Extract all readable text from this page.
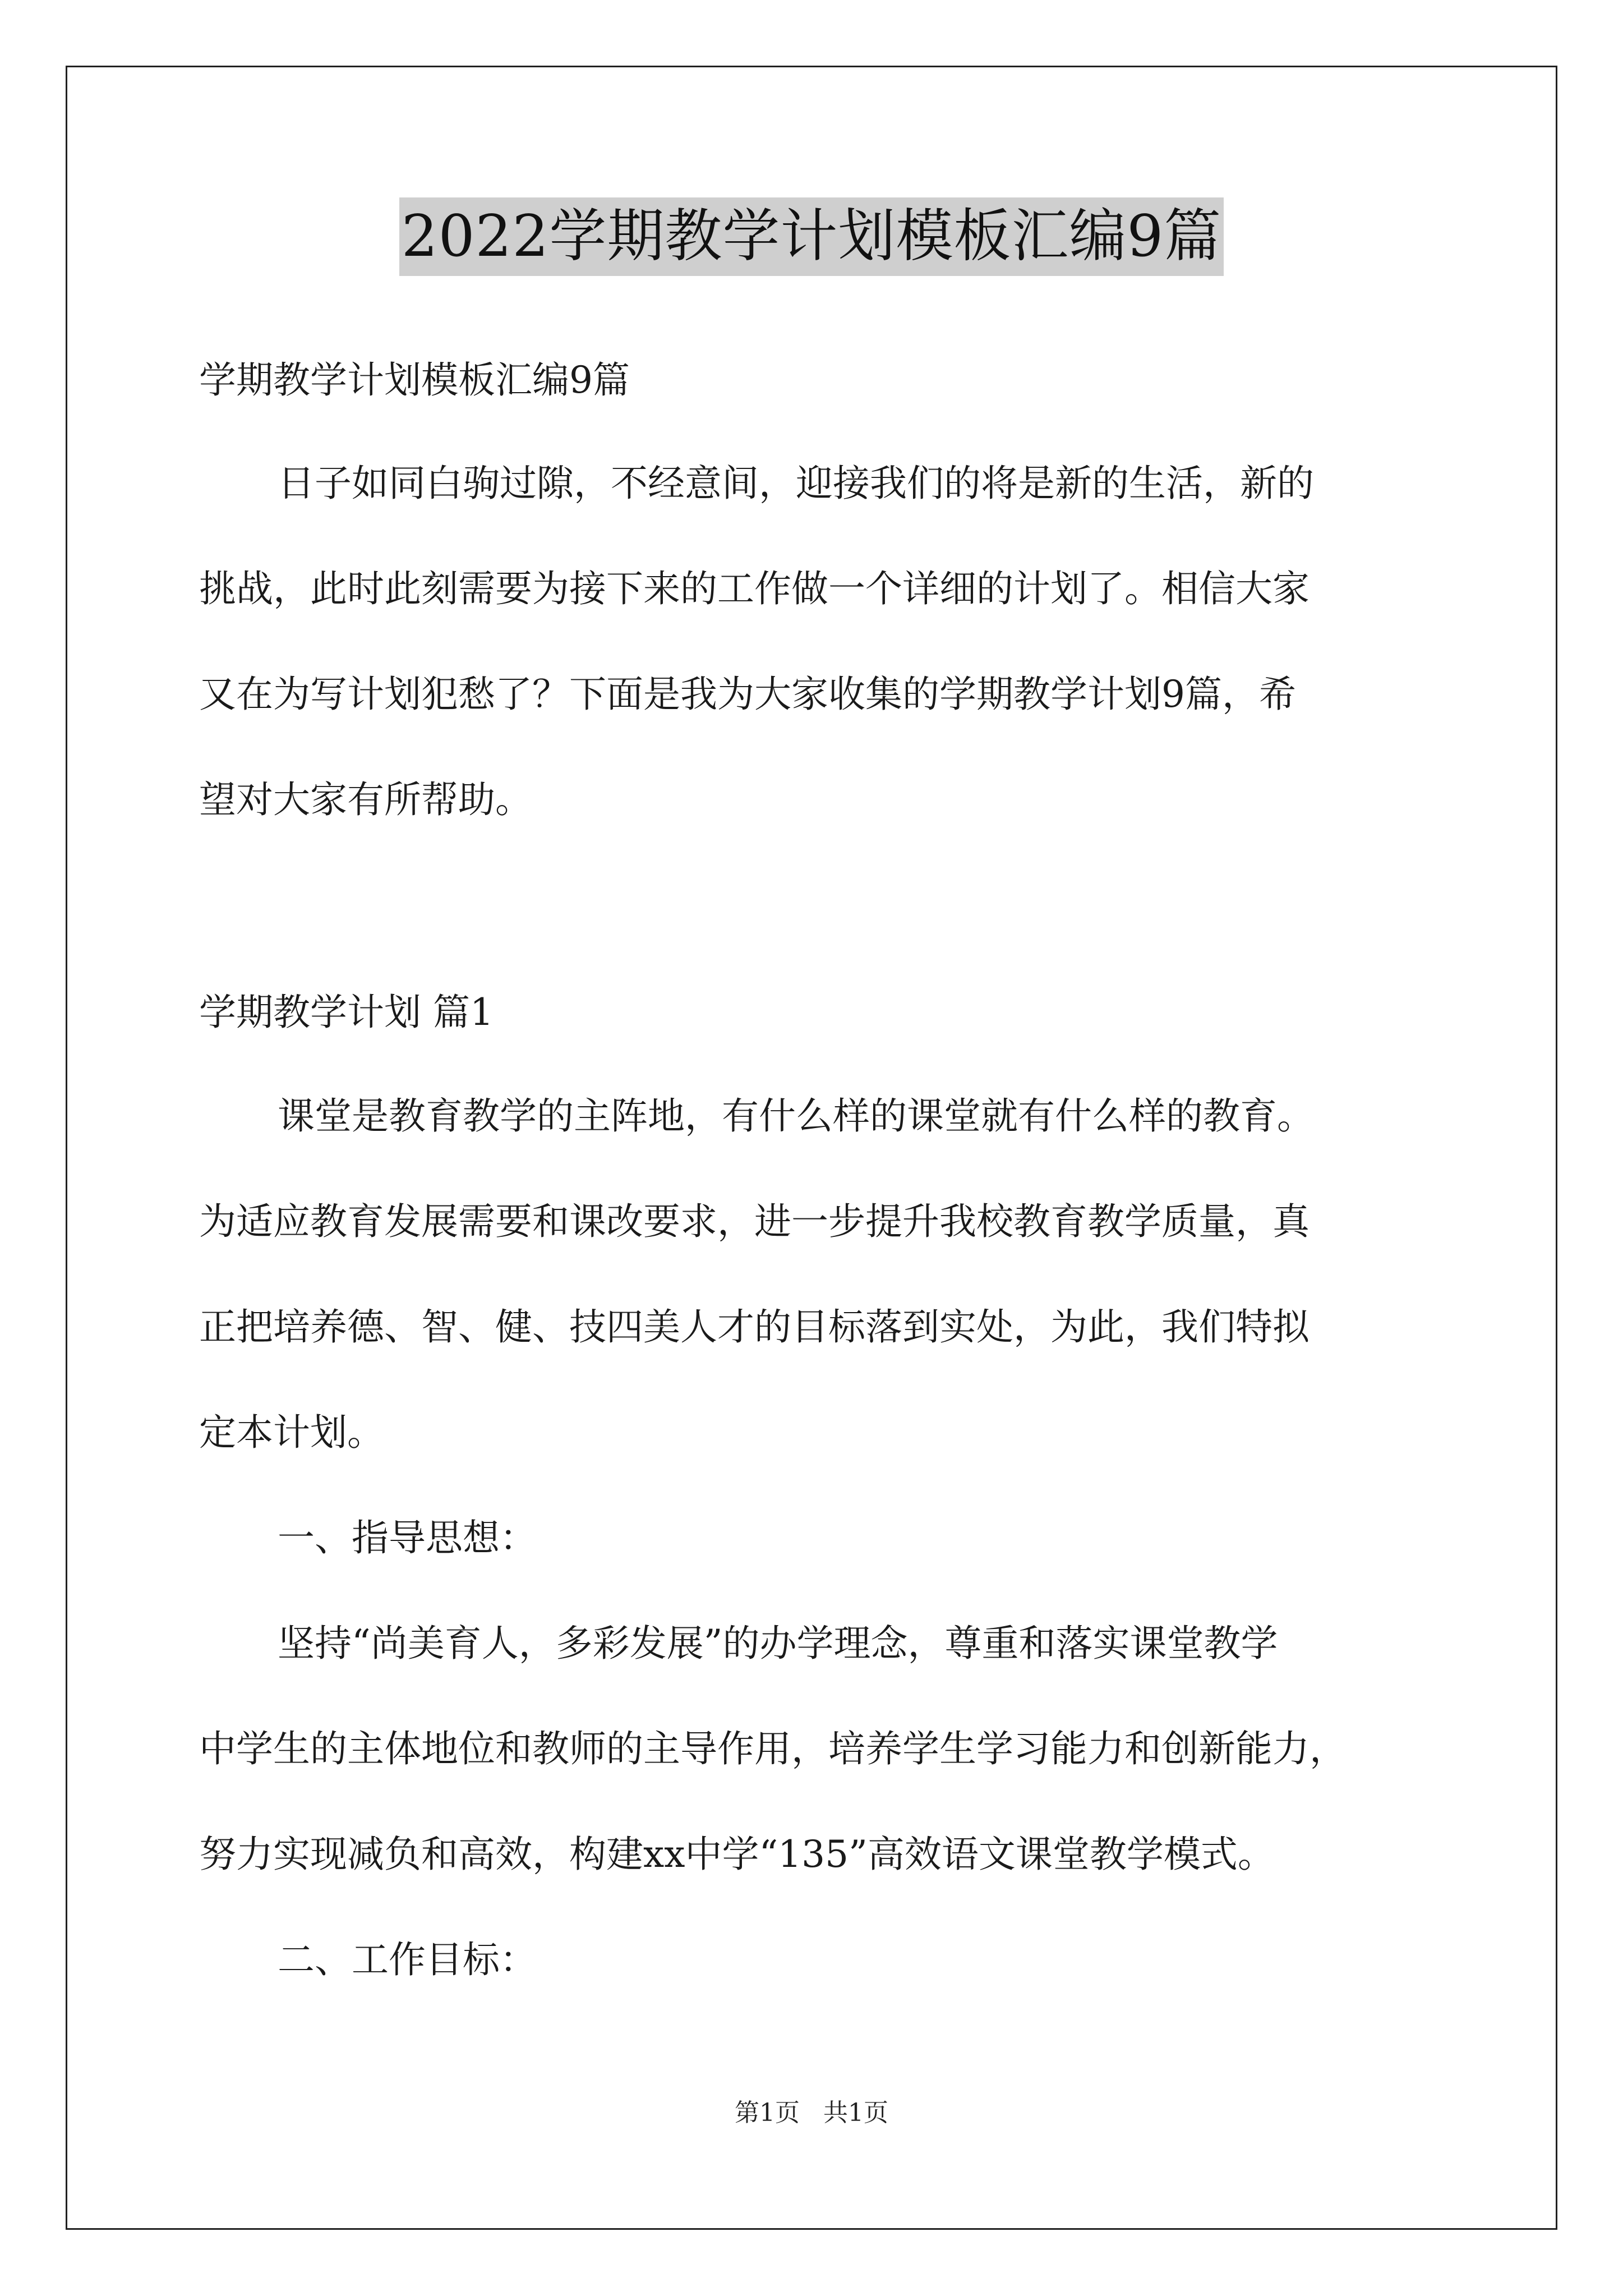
2022学期教学计划模板汇编9篇

学期教学计划模板汇编9篇

日子如同白驹过隙，不经意间，迎接我们的将是新的生活，新的

挑战，此时此刻需要为接下来的工作做一个详细的计划了。相信大家

又在为写计划犯愁了？下面是我为大家收集的学期教学计划9篇，希

望对大家有所帮助。

学期教学计划 篇1

课堂是教育教学的主阵地，有什么样的课堂就有什么样的教育。

为适应教育发展需要和课改要求，进一步提升我校教育教学质量，真

正把培养德、智、健、技四美人才的目标落到实处，为此，我们特拟

定本计划。

一、指导思想：

坚持“尚美育人，多彩发展”的办学理念，尊重和落实课堂教学

中学生的主体地位和教师的主导作用，培养学生学习能力和创新能力，

努力实现减负和高效，构建xx中学“135”高效语文课堂教学模式。

二、工作目标：

第1页 共1页
